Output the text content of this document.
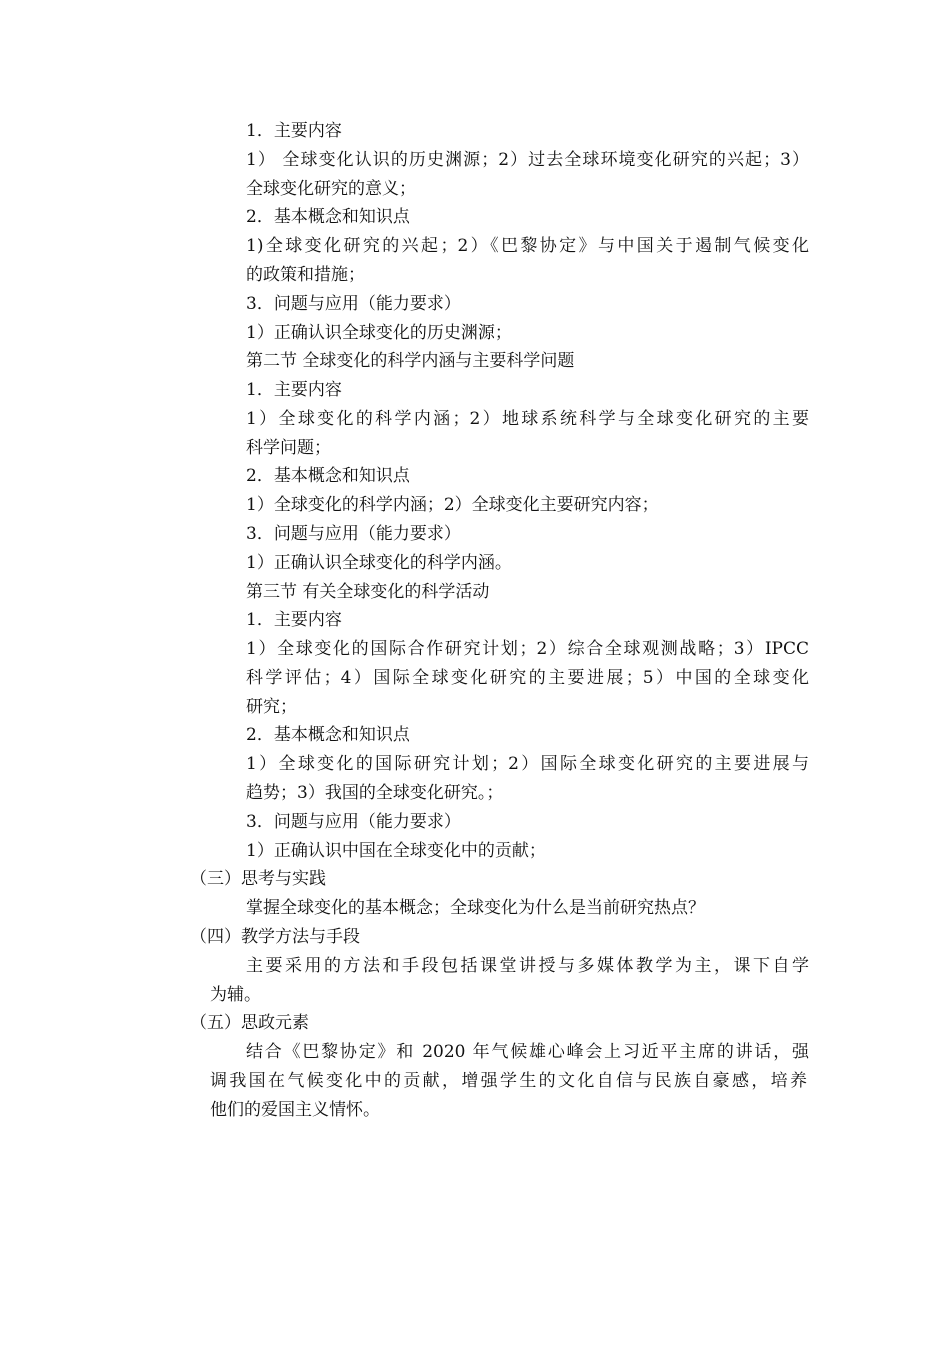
1．主要内容
1） 全球变化认识的历史渊源；2）过去全球环境变化研究的兴起；3）
全球变化研究的意义；
2．基本概念和知识点
1)全球变化研究的兴起；2）《巴黎协定》与中国关于遏制气候变化
的政策和措施；
3．问题与应用（能力要求）
1）正确认识全球变化的历史渊源；
第二节 全球变化的科学内涵与主要科学问题
1．主要内容
1）全球变化的科学内涵；2）地球系统科学与全球变化研究的主要
科学问题；
2．基本概念和知识点
1）全球变化的科学内涵；2）全球变化主要研究内容；
3．问题与应用（能力要求）
1）正确认识全球变化的科学内涵。
第三节 有关全球变化的科学活动
1．主要内容
1）全球变化的国际合作研究计划；2）综合全球观测战略；3）IPCC
科学评估；4）国际全球变化研究的主要进展；5）中国的全球变化
研究；
2．基本概念和知识点
1）全球变化的国际研究计划；2）国际全球变化研究的主要进展与
趋势；3）我国的全球变化研究。；
3．问题与应用（能力要求）
1）正确认识中国在全球变化中的贡献；
（三）思考与实践
掌握全球变化的基本概念；全球变化为什么是当前研究热点？
（四）教学方法与手段
主要采用的方法和手段包括课堂讲授与多媒体教学为主，课下自学
为辅。
（五）思政元素
结合《巴黎协定》和 2020 年气候雄心峰会上习近平主席的讲话，强
调我国在气候变化中的贡献，增强学生的文化自信与民族自豪感，培养
他们的爱国主义情怀。
